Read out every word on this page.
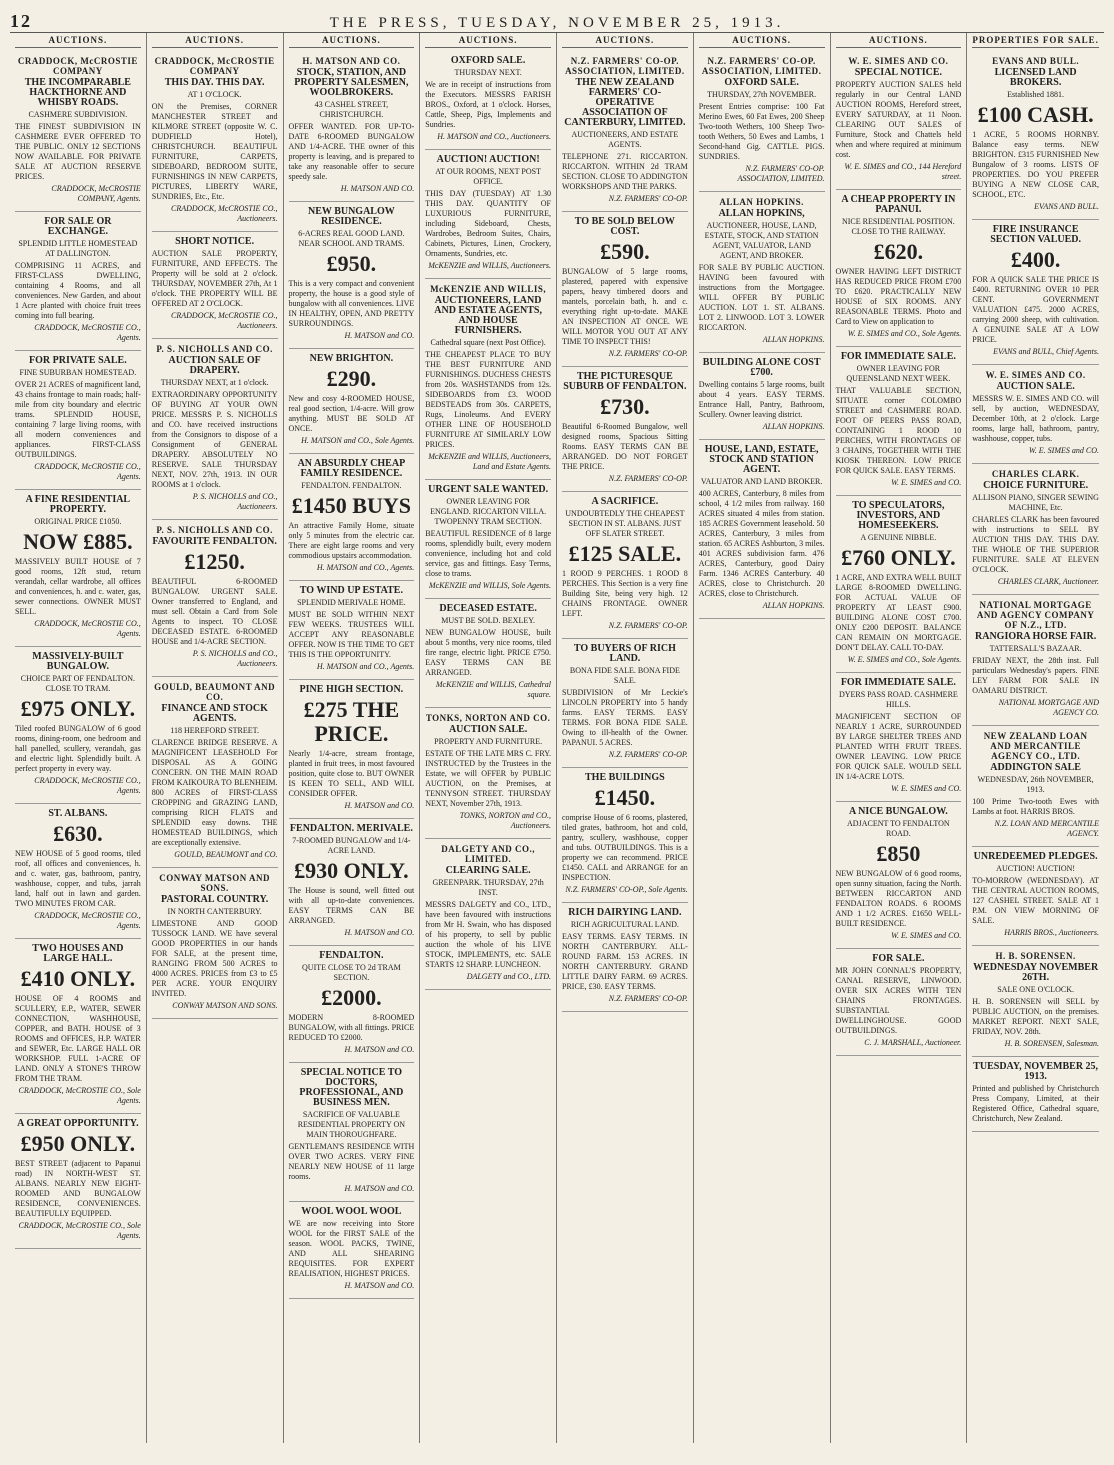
12	THE PRESS, TUESDAY, NOVEMBER 25, 1913.
AUCTIONS.
CRADDOCK, McCROSTIE COMPANY
THE INCOMPARABLE HACKTHORNE AND WHISBY ROADS.
CASHMERE SUBDIVISION.
THE FINEST SUBDIVISION IN CASHMERE EVER OFFERED TO THE PUBLIC. ONLY 12 SECTIONS NOW AVAILABLE. FOR PRIVATE SALE AT AUCTION RESERVE PRICES.
CRADDOCK, McCROSTIE COMPANY, Agents.
FOR SALE OR EXCHANGE.
SPLENDID LITTLE HOMESTEAD AT DALLINGTON.
COMPRISING 11 ACRES, and FIRST-CLASS DWELLING, containing 4 Rooms, and all conveniences. New Garden, and about 1 Acre planted with choice fruit trees coming into full bearing.
CRADDOCK, McCROSTIE CO., Agents.
FOR PRIVATE SALE.
FINE SUBURBAN HOMESTEAD.
OVER 21 ACRES of magnificent land, 43 chains frontage to main roads; half-mile from city boundary and electric trams. SPLENDID HOUSE, containing 7 large living rooms, with all modern conveniences and appliances. FIRST-CLASS OUTBUILDINGS.
CRADDOCK, McCROSTIE CO., Agents.
A FINE RESIDENTIAL PROPERTY.
ORIGINAL PRICE £1050.
NOW £885.
MASSIVELY BUILT HOUSE of 7 good rooms, 12ft stud, return verandah, cellar wardrobe, all offices and conveniences, h. and c. water, gas, sewer connections. OWNER MUST SELL.
CRADDOCK, McCROSTIE CO., Agents.
MASSIVELY-BUILT BUNGALOW.
CHOICE PART OF FENDALTON. CLOSE TO TRAM.
£975 ONLY.
Tiled roofed BUNGALOW of 6 good rooms, dining-room, one bedroom and hall panelled, scullery, verandah, gas and electric light. Splendidly built. A perfect property in every way.
CRADDOCK, McCROSTIE CO., Agents.
ST. ALBANS.
£630.
NEW HOUSE of 5 good rooms, tiled roof, all offices and conveniences, h. and c. water, gas, bathroom, pantry, washhouse, copper, and tubs, jarrah land, half out in lawn and garden. TWO MINUTES FROM CAR.
CRADDOCK, McCROSTIE CO., Agents.
TWO HOUSES AND LARGE HALL.
£410 ONLY.
HOUSE OF 4 ROOMS and SCULLERY, E.P., WATER, SEWER CONNECTION, WASHHOUSE, COPPER, and BATH. HOUSE of 3 ROOMS and OFFICES, H.P. WATER and SEWER, Etc. LARGE HALL OR WORKSHOP. FULL 1-ACRE OF LAND. ONLY A STONE'S THROW FROM THE TRAM.
CRADDOCK, McCROSTIE CO., Sole Agents.
A GREAT OPPORTUNITY.
£950 ONLY.
BEST STREET (adjacent to Papanui road) IN NORTH-WEST ST. ALBANS. NEARLY NEW EIGHT-ROOMED AND BUNGALOW RESIDENCE, CONVENIENCES. BEAUTIFULLY EQUIPPED.
CRADDOCK, McCROSTIE CO., Sole Agents.
AUCTIONS.
CRADDOCK, McCROSTIE COMPANY
THIS DAY. THIS DAY.
AT 1 O'CLOCK.
ON the Premises, CORNER MANCHESTER STREET and KILMORE STREET (opposite W. C. DUDFIELD Hotel), CHRISTCHURCH. BEAUTIFUL FURNITURE, CARPETS, SIDEBOARD, BEDROOM SUITE, FURNISHINGS IN NEW CARPETS, PICTURES, LIBERTY WARE, SUNDRIES, Etc., Etc.
CRADDOCK, McCROSTIE CO., Auctioneers.
SHORT NOTICE.
AUCTION SALE PROPERTY, FURNITURE, AND EFFECTS. The Property will be sold at 2 o'clock. THURSDAY, NOVEMBER 27th, At 1 o'clock. THE PROPERTY WILL BE OFFERED AT 2 O'CLOCK.
CRADDOCK, McCROSTIE CO., Auctioneers.
P. S. NICHOLLS AND CO.
AUCTION SALE OF DRAPERY.
THURSDAY NEXT, at 1 o'clock.
EXTRAORDINARY OPPORTUNITY OF BUYING AT YOUR OWN PRICE. MESSRS P. S. NICHOLLS and CO. have received instructions from the Consignors to dispose of a Consignment of GENERAL DRAPERY. ABSOLUTELY NO RESERVE. SALE THURSDAY NEXT, NOV. 27th, 1913. IN OUR ROOMS at 1 o'clock.
P. S. NICHOLLS and CO., Auctioneers.
P. S. NICHOLLS AND CO.
FAVOURITE FENDALTON.
£1250.
BEAUTIFUL 6-ROOMED BUNGALOW. URGENT SALE. Owner transferred to England, and must sell. Obtain a Card from Sole Agents to inspect. TO CLOSE DECEASED ESTATE. 6-ROOMED HOUSE and 1/4-ACRE SECTION.
P. S. NICHOLLS and CO., Auctioneers.
GOULD, BEAUMONT AND CO.
FINANCE AND STOCK AGENTS.
118 HEREFORD STREET.
CLARENCE BRIDGE RESERVE. A MAGNIFICENT LEASEHOLD For DISPOSAL AS A GOING CONCERN. ON THE MAIN ROAD FROM KAIKOURA TO BLENHEIM. 800 ACRES of FIRST-CLASS CROPPING and GRAZING LAND, comprising RICH FLATS and SPLENDID easy downs. THE HOMESTEAD BUILDINGS, which are exceptionally extensive.
GOULD, BEAUMONT and CO.
CONWAY MATSON AND SONS.
PASTORAL COUNTRY.
IN NORTH CANTERBURY.
LIMESTONE AND GOOD TUSSOCK LAND. WE have several GOOD PROPERTIES in our hands FOR SALE, at the present time, RANGING FROM 500 ACRES to 4000 ACRES. PRICES from £3 to £5 PER ACRE. YOUR ENQUIRY INVITED.
CONWAY MATSON AND SONS.
AUCTIONS.
H. MATSON AND CO.
STOCK, STATION, AND PROPERTY SALESMEN, WOOLBROKERS.
43 CASHEL STREET, CHRISTCHURCH.
OFFER WANTED. FOR UP-TO-DATE 6-ROOMED BUNGALOW AND 1/4-ACRE. THE owner of this property is leaving, and is prepared to take any reasonable offer to secure speedy sale.
H. MATSON AND CO.
NEW BUNGALOW RESIDENCE.
6-ACRES REAL GOOD LAND. NEAR SCHOOL AND TRAMS.
£950.
This is a very compact and convenient property, the house is a good style of bungalow with all conveniences. LIVE IN HEALTHY, OPEN, AND PRETTY SURROUNDINGS.
H. MATSON and CO.
NEW BRIGHTON.
£290.
New and cosy 4-ROOMED HOUSE, real good section, 1/4-acre. Will grow anything. MUST BE SOLD AT ONCE.
H. MATSON and CO., Sole Agents.
AN ABSURDLY CHEAP FAMILY RESIDENCE.
FENDALTON. FENDALTON.
£1450 BUYS
An attractive Family Home, situate only 5 minutes from the electric car. There are eight large rooms and very commodious upstairs accommodation.
H. MATSON and CO., Agents.
TO WIND UP ESTATE.
SPLENDID MERIVALE HOME.
MUST BE SOLD WITHIN NEXT FEW WEEKS. TRUSTEES WILL ACCEPT ANY REASONABLE OFFER. NOW IS THE TIME TO GET THIS IS THE OPPORTUNITY.
H. MATSON and CO., Agents.
PINE HIGH SECTION.
£275 THE PRICE.
Nearly 1/4-acre, stream frontage, planted in fruit trees, in most favoured position, quite close to. BUT OWNER IS KEEN TO SELL, AND WILL CONSIDER OFFER.
H. MATSON and CO.
FENDALTON. MERIVALE.
7-ROOMED BUNGALOW and 1/4-ACRE LAND.
£930 ONLY.
The House is sound, well fitted out with all up-to-date conveniences. EASY TERMS CAN BE ARRANGED.
H. MATSON and CO.
FENDALTON.
QUITE CLOSE TO 2d TRAM SECTION.
£2000.
MODERN 8-ROOMED BUNGALOW, with all fittings. PRICE REDUCED TO £2000.
H. MATSON and CO.
SPECIAL NOTICE TO DOCTORS, PROFESSIONAL, AND BUSINESS MEN.
SACRIFICE OF VALUABLE RESIDENTIAL PROPERTY ON MAIN THOROUGHFARE.
GENTLEMAN'S RESIDENCE WITH OVER TWO ACRES. VERY FINE NEARLY NEW HOUSE of 11 large rooms.
H. MATSON and CO.
WOOL WOOL WOOL
WE are now receiving into Store WOOL for the FIRST SALE of the season. WOOL PACKS, TWINE, AND ALL SHEARING REQUISITES. FOR EXPERT REALISATION, HIGHEST PRICES.
H. MATSON and CO.
AUCTIONS.
OXFORD SALE.
THURSDAY NEXT.
We are in receipt of instructions from the Executors. MESSRS FARISH BROS., Oxford, at 1 o'clock. Horses, Cattle, Sheep, Pigs, Implements and Sundries.
H. MATSON and CO., Auctioneers.
AUCTION! AUCTION!
AT OUR ROOMS, NEXT POST OFFICE.
THIS DAY (TUESDAY) AT 1.30 THIS DAY. QUANTITY OF LUXURIOUS FURNITURE, including Sideboard, Chests, Wardrobes, Bedroom Suites, Chairs, Cabinets, Pictures, Linen, Crockery, Ornaments, Sundries, etc.
McKENZIE and WILLIS, Auctioneers.
McKENZIE AND WILLIS,
AUCTIONEERS, LAND AND ESTATE AGENTS, AND HOUSE FURNISHERS.
Cathedral square (next Post Office).
THE CHEAPEST PLACE TO BUY THE BEST FURNITURE AND FURNISHINGS. DUCHESS CHESTS from 20s. WASHSTANDS from 12s. SIDEBOARDS from £3. WOOD BEDSTEADS from 30s. CARPETS, Rugs, Linoleums. And EVERY OTHER LINE OF HOUSEHOLD FURNITURE AT SIMILARLY LOW PRICES.
McKENZIE and WILLIS, Auctioneers, Land and Estate Agents.
URGENT SALE WANTED.
OWNER LEAVING FOR ENGLAND. RICCARTON VILLA. TWOPENNY TRAM SECTION.
BEAUTIFUL RESIDENCE of 8 large rooms, splendidly built, every modern convenience, including hot and cold service, gas and fittings. Easy Terms, close to trams.
McKENZIE and WILLIS, Sole Agents.
DECEASED ESTATE.
MUST BE SOLD. BEXLEY.
NEW BUNGALOW HOUSE, built about 5 months, very nice rooms, tiled fire range, electric light. PRICE £750. EASY TERMS CAN BE ARRANGED.
McKENZIE and WILLIS, Cathedral square.
TONKS, NORTON AND CO.
AUCTION SALE.
PROPERTY AND FURNITURE.
ESTATE OF THE LATE MRS C. FRY. INSTRUCTED by the Trustees in the Estate, we will OFFER by PUBLIC AUCTION, on the Premises, at TENNYSON STREET. THURSDAY NEXT, November 27th, 1913.
TONKS, NORTON and CO., Auctioneers.
DALGETY AND CO., LIMITED.
CLEARING SALE.
GREENPARK. THURSDAY, 27th INST.
MESSRS DALGETY and CO., LTD., have been favoured with instructions from Mr H. Swain, who has disposed of his property, to sell by public auction the whole of his LIVE STOCK, IMPLEMENTS, etc. SALE STARTS 12 SHARP. LUNCHEON.
DALGETY and CO., LTD.
AUCTIONS.
N.Z. FARMERS' CO-OP. ASSOCIATION, LIMITED.
THE NEW ZEALAND FARMERS' CO-OPERATIVE ASSOCIATION OF CANTERBURY, LIMITED.
AUCTIONEERS, AND ESTATE AGENTS.
TELEPHONE 271. RICCARTON. RICCARTON. WITHIN 2d TRAM SECTION. CLOSE TO ADDINGTON WORKSHOPS AND THE PARKS.
N.Z. FARMERS' CO-OP.
TO BE SOLD BELOW COST.
£590.
BUNGALOW of 5 large rooms, plastered, papered with expensive papers, heavy timbered doors and mantels, porcelain bath, h. and c. everything right up-to-date. MAKE AN INSPECTION AT ONCE. WE WILL MOTOR YOU OUT AT ANY TIME TO INSPECT THIS!
N.Z. FARMERS' CO-OP.
THE PICTURESQUE SUBURB OF FENDALTON.
£730.
Beautiful 6-Roomed Bungalow, well designed rooms, Spacious Sitting Rooms. EASY TERMS CAN BE ARRANGED. DO NOT FORGET THE PRICE.
N.Z. FARMERS' CO-OP.
A SACRIFICE.
UNDOUBTEDLY THE CHEAPEST SECTION IN ST. ALBANS. JUST OFF SLATER STREET.
£125 SALE.
1 ROOD 9 PERCHES. 1 ROOD 8 PERCHES. This Section is a very fine Building Site, being very high. 12 CHAINS FRONTAGE. OWNER LEFT.
N.Z. FARMERS' CO-OP.
TO BUYERS OF RICH LAND.
BONA FIDE SALE. BONA FIDE SALE.
SUBDIVISION of Mr Leckie's LINCOLN PROPERTY into 5 handy farms. EASY TERMS. EASY TERMS. FOR BONA FIDE SALE. Owing to ill-health of the Owner. PAPANUI. 5 ACRES.
N.Z. FARMERS' CO-OP.
THE BUILDINGS
£1450.
comprise House of 6 rooms, plastered, tiled grates, bathroom, hot and cold, pantry, scullery, washhouse, copper and tubs. OUTBUILDINGS. This is a property we can recommend. PRICE £1450. CALL and ARRANGE for an INSPECTION.
N.Z. FARMERS' CO-OP., Sole Agents.
RICH DAIRYING LAND.
RICH AGRICULTURAL LAND.
EASY TERMS. EASY TERMS. IN NORTH CANTERBURY. ALL-ROUND FARM. 153 ACRES. IN NORTH CANTERBURY. GRAND LITTLE DAIRY FARM. 69 ACRES. PRICE, £30. EASY TERMS.
N.Z. FARMERS' CO-OP.
AUCTIONS.
N.Z. FARMERS' CO-OP. ASSOCIATION, LIMITED.
OXFORD SALE.
THURSDAY, 27th NOVEMBER.
Present Entries comprise: 100 Fat Merino Ewes, 60 Fat Ewes, 200 Sheep Two-tooth Wethers, 100 Sheep Two-tooth Wethers, 50 Ewes and Lambs, 1 Second-hand Gig. CATTLE. PIGS. SUNDRIES.
N.Z. FARMERS' CO-OP. ASSOCIATION, LIMITED.
ALLAN HOPKINS.
ALLAN HOPKINS,
AUCTIONEER, HOUSE, LAND, ESTATE, STOCK, AND STATION AGENT, VALUATOR, LAND AGENT, AND BROKER.
FOR SALE BY PUBLIC AUCTION. HAVING been favoured with instructions from the Mortgagee. WILL OFFER BY PUBLIC AUCTION. LOT 1. ST. ALBANS. LOT 2. LINWOOD. LOT 3. LOWER RICCARTON.
ALLAN HOPKINS.
BUILDING ALONE COST £700.
Dwelling contains 5 large rooms, built about 4 years. EASY TERMS. Entrance Hall, Pantry, Bathroom, Scullery. Owner leaving district.
ALLAN HOPKINS.
HOUSE, LAND, ESTATE, STOCK AND STATION AGENT.
VALUATOR AND LAND BROKER.
400 ACRES, Canterbury, 8 miles from school, 4 1/2 miles from railway. 160 ACRES situated 4 miles from station. 185 ACRES Government leasehold. 50 ACRES, Canterbury, 3 miles from station. 65 ACRES Ashburton, 3 miles. 401 ACRES subdivision farm. 476 ACRES, Canterbury, good Dairy Farm. 1346 ACRES Canterbury. 40 ACRES, close to Christchurch. 20 ACRES, close to Christchurch.
ALLAN HOPKINS.
AUCTIONS.
W. E. SIMES AND CO.
SPECIAL NOTICE.
PROPERTY AUCTION SALES held regularly in our Central LAND AUCTION ROOMS, Hereford street, EVERY SATURDAY, at 11 Noon. CLEARING OUT SALES of Furniture, Stock and Chattels held when and where required at minimum cost.
W. E. SIMES and CO., 144 Hereford street.
A CHEAP PROPERTY IN PAPANUI.
NICE RESIDENTIAL POSITION. CLOSE TO THE RAILWAY.
£620.
OWNER HAVING LEFT DISTRICT HAS REDUCED PRICE FROM £700 TO £620. PRACTICALLY NEW HOUSE of SIX ROOMS. ANY REASONABLE TERMS. Photo and Card to View on application to
W. E. SIMES and CO., Sole Agents.
FOR IMMEDIATE SALE.
OWNER LEAVING FOR QUEENSLAND NEXT WEEK.
THAT VALUABLE SECTION, SITUATE corner COLOMBO STREET and CASHMERE ROAD. FOOT OF PEERS PASS ROAD, CONTAINING 1 ROOD 10 PERCHES, WITH FRONTAGES OF 3 CHAINS, TOGETHER WITH THE KIOSK THEREON. LOW PRICE FOR QUICK SALE. EASY TERMS.
W. E. SIMES and CO.
TO SPECULATORS, INVESTORS, AND HOMESEEKERS.
A GENUINE NIBBLE.
£760 ONLY.
1 ACRE, AND EXTRA WELL BUILT LARGE 8-ROOMED DWELLING. FOR ACTUAL VALUE OF PROPERTY AT LEAST £900. BUILDING ALONE COST £700. ONLY £200 DEPOSIT. BALANCE CAN REMAIN ON MORTGAGE. DON'T DELAY. CALL TO-DAY.
W. E. SIMES and CO., Sole Agents.
FOR IMMEDIATE SALE.
DYERS PASS ROAD. CASHMERE HILLS.
MAGNIFICENT SECTION OF NEARLY 1 ACRE, SURROUNDED BY LARGE SHELTER TREES AND PLANTED WITH FRUIT TREES. OWNER LEAVING. LOW PRICE FOR QUICK SALE. WOULD SELL IN 1/4-ACRE LOTS.
W. E. SIMES and CO.
A NICE BUNGALOW.
ADJACENT TO FENDALTON ROAD.
£850
NEW BUNGALOW of 6 good rooms, open sunny situation, facing the North. BETWEEN RICCARTON AND FENDALTON ROADS. 6 ROOMS AND 1 1/2 ACRES. £1650 WELL-BUILT RESIDENCE.
W. E. SIMES and CO.
FOR SALE.
MR JOHN CONNAL'S PROPERTY, CANAL RESERVE, LINWOOD. OVER SIX ACRES WITH TEN CHAINS FRONTAGES. SUBSTANTIAL DWELLINGHOUSE. GOOD OUTBUILDINGS.
C. J. MARSHALL, Auctioneer.
PROPERTIES FOR SALE.
EVANS AND BULL.
LICENSED LAND BROKERS.
Established 1881.
£100 CASH.
1 ACRE, 5 ROOMS HORNBY. Balance easy terms. NEW BRIGHTON. £315 FURNISHED New Bungalow of 3 rooms. LISTS OF PROPERTIES. DO YOU PREFER BUYING A NEW CLOSE CAR, SCHOOL, ETC.
EVANS AND BULL.
FIRE INSURANCE SECTION VALUED.
£400.
FOR A QUICK SALE THE PRICE IS £400. RETURNING OVER 10 PER CENT. GOVERNMENT VALUATION £475. 2000 ACRES, carrying 2000 sheep, with cultivation. A GENUINE SALE AT A LOW PRICE.
EVANS and BULL, Chief Agents.
W. E. SIMES AND CO.
AUCTION SALE.
MESSRS W. E. SIMES AND CO. will sell, by auction, WEDNESDAY, December 10th, at 2 o'clock. Large rooms, large hall, bathroom, pantry, washhouse, copper, tubs.
W. E. SIMES and CO.
CHARLES CLARK.
CHOICE FURNITURE.
ALLISON PIANO, SINGER SEWING MACHINE, Etc.
CHARLES CLARK has been favoured with instructions to SELL BY AUCTION THIS DAY. THIS DAY. THE WHOLE OF THE SUPERIOR FURNITURE. SALE AT ELEVEN O'CLOCK.
CHARLES CLARK, Auctioneer.
NATIONAL MORTGAGE AND AGENCY COMPANY OF N.Z., LTD.
RANGIORA HORSE FAIR.
TATTERSALL'S BAZAAR.
FRIDAY NEXT, the 28th inst. Full particulars Wednesday's papers. FINE LEY FARM FOR SALE IN OAMARU DISTRICT.
NATIONAL MORTGAGE AND AGENCY CO.
NEW ZEALAND LOAN AND MERCANTILE AGENCY CO., LTD.
ADDINGTON SALE
WEDNESDAY, 26th NOVEMBER, 1913.
100 Prime Two-tooth Ewes with Lambs at foot. HARRIS BROS.
N.Z. LOAN AND MERCANTILE AGENCY.
UNREDEEMED PLEDGES.
AUCTION! AUCTION!
TO-MORROW (WEDNESDAY). AT THE CENTRAL AUCTION ROOMS, 127 CASHEL STREET. SALE AT 1 P.M. ON VIEW MORNING OF SALE.
HARRIS BROS., Auctioneers.
H. B. SORENSEN.
WEDNESDAY NOVEMBER 26TH.
SALE ONE O'CLOCK.
H. B. SORENSEN will SELL by PUBLIC AUCTION, on the premises. MARKET REPORT. NEXT SALE, FRIDAY, NOV. 28th.
H. B. SORENSEN, Salesman.
TUESDAY, NOVEMBER 25, 1913.
Printed and published by Christchurch Press Company, Limited, at their Registered Office, Cathedral square, Christchurch, New Zealand.
